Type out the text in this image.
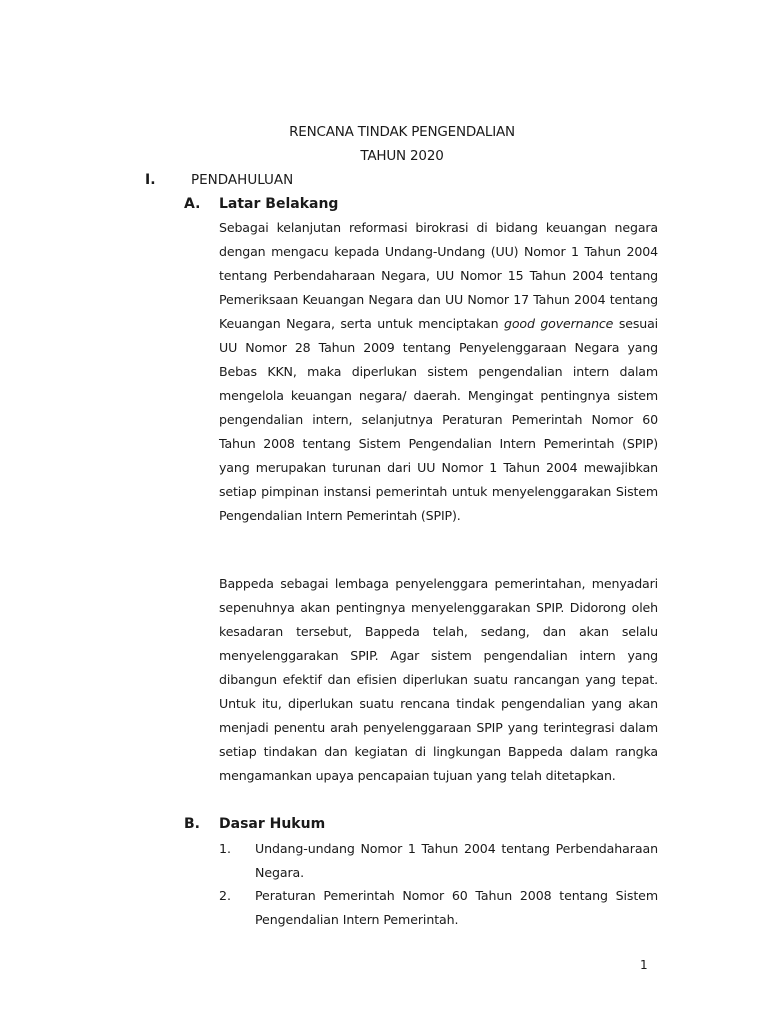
RENCANA TINDAK PENGENDALIAN
TAHUN 2020
I.	PENDAHULUAN
A. Latar Belakang
Sebagai kelanjutan reformasi birokrasi di bidang keuangan negara dengan mengacu kepada Undang-Undang (UU) Nomor 1 Tahun 2004 tentang Perbendaharaan Negara, UU Nomor 15 Tahun 2004 tentang Pemeriksaan Keuangan Negara dan UU Nomor 17 Tahun 2004 tentang Keuangan Negara, serta untuk menciptakan good governance sesuai UU Nomor 28 Tahun 2009 tentang Penyelenggaraan Negara yang Bebas KKN, maka diperlukan sistem pengendalian intern dalam mengelola keuangan negara/ daerah. Mengingat pentingnya sistem pengendalian intern, selanjutnya Peraturan Pemerintah Nomor 60 Tahun 2008 tentang Sistem Pengendalian Intern Pemerintah (SPIP) yang merupakan turunan dari UU Nomor 1 Tahun 2004 mewajibkan setiap pimpinan instansi pemerintah untuk menyelenggarakan Sistem Pengendalian Intern Pemerintah (SPIP).
Bappeda sebagai lembaga penyelenggara pemerintahan, menyadari sepenuhnya akan pentingnya menyelenggarakan SPIP. Didorong oleh kesadaran tersebut, Bappeda telah, sedang, dan akan selalu menyelenggarakan SPIP. Agar sistem pengendalian intern yang dibangun efektif dan efisien diperlukan suatu rancangan yang tepat. Untuk itu, diperlukan suatu rencana tindak pengendalian yang akan menjadi penentu arah penyelenggaraan SPIP yang terintegrasi dalam setiap tindakan dan kegiatan di lingkungan Bappeda dalam rangka mengamankan upaya pencapaian tujuan yang telah ditetapkan.
B. Dasar Hukum
1. Undang-undang Nomor 1 Tahun 2004 tentang Perbendaharaan Negara.
2. Peraturan Pemerintah Nomor 60 Tahun 2008 tentang Sistem Pengendalian Intern Pemerintah.
1
